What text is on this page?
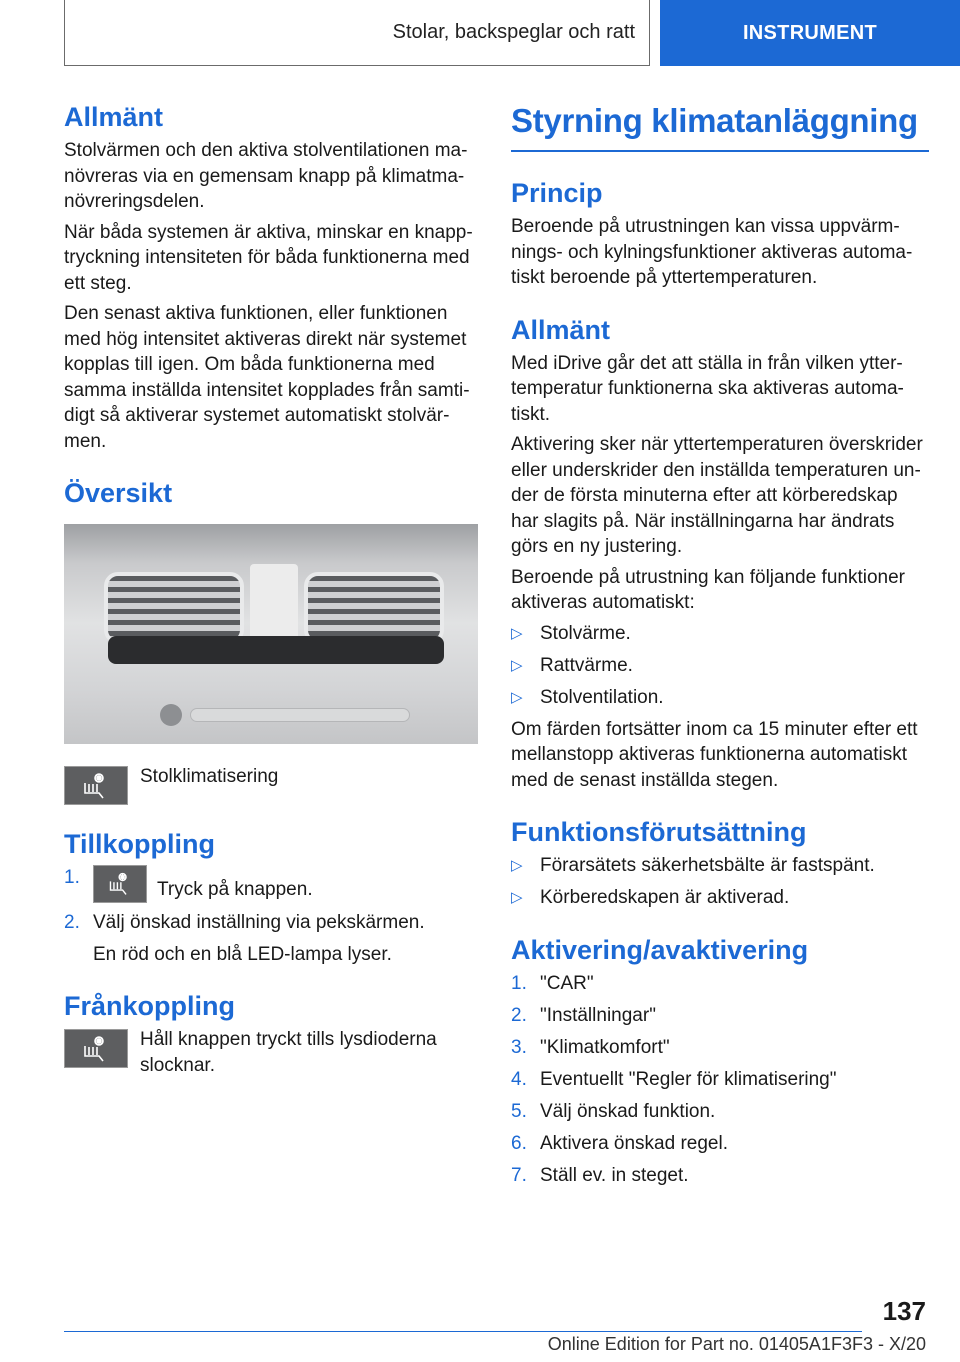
Stolar, backspeglar och ratt	INSTRUMENT
Allmänt

Stolvärmen och den aktiva stolventilationen ma-növreras via en gemensam knapp på klimatma-növreringsdelen.

När båda systemen är aktiva, minskar en knapp-tryckning intensiteten för båda funktionerna med ett steg.

Den senast aktiva funktionen, eller funktionen med hög intensitet aktiveras direkt när systemet kopplas till igen. Om båda funktionerna med samma inställda intensitet kopplades från samti-digt så aktiverar systemet automatiskt stolvär-men.

Översikt
Stolklimatisering
Tillkoppling
1.
Tryck på knappen.
2. Välj önskad inställning via pekskärmen.
En röd och en blå LED-lampa lyser.
Frånkoppling
Håll knappen tryckt tills lysdioderna slocknar.
Styrning klimatanläggning
Princip

Beroende på utrustningen kan vissa uppvärm-nings- och kylningsfunktioner aktiveras automa-tiskt beroende på yttertemperaturen.

Allmänt

Med iDrive går det att ställa in från vilken ytter-temperatur funktionerna ska aktiveras automa-tiskt.

Aktivering sker när yttertemperaturen överskrider eller underskrider den inställda temperaturen un-der de första minuterna efter att körberedskap har slagits på. När inställningarna har ändrats görs en ny justering.

Beroende på utrustning kan följande funktioner aktiveras automatiskt:

▷ Stolvärme.
▷ Rattvärme.
▷ Stolventilation.

Om färden fortsätter inom ca 15 minuter efter ett mellanstopp aktiveras funktionerna automatiskt med de senast inställda stegen.

Funktionsförutsättning
▷ Förarsätets säkerhetsbälte är fastspänt.
▷ Körberedskapen är aktiverad.
Aktivering/avaktivering
1. "CAR"
2. "Inställningar"
3. "Klimatkomfort"
4. Eventuellt "Regler för klimatisering"
5. Välj önskad funktion.
6. Aktivera önskad regel.
7. Ställ ev. in steget.
137
Online Edition for Part no. 01405A1F3F3 - X/20
